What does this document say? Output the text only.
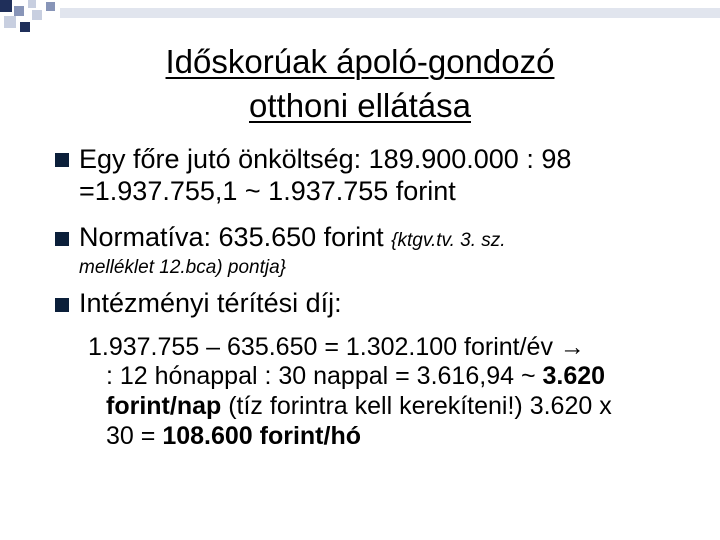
Időskorúak ápoló-gondozó
otthoni ellátása
Egy főre jutó önköltség: 189.900.000 : 98
=1.937.755,1 ~ 1.937.755 forint
Normatíva: 635.650 forint {ktgv.tv. 3. sz.
melléklet 12.bca) pontja}
Intézményi térítési díj:
1.937.755 – 635.650 = 1.302.100 forint/év →
: 12 hónappal : 30 nappal = 3.616,94 ~ 3.620
forint/nap (tíz forintra kell kerekíteni!) 3.620 x
30 = 108.600 forint/hó
